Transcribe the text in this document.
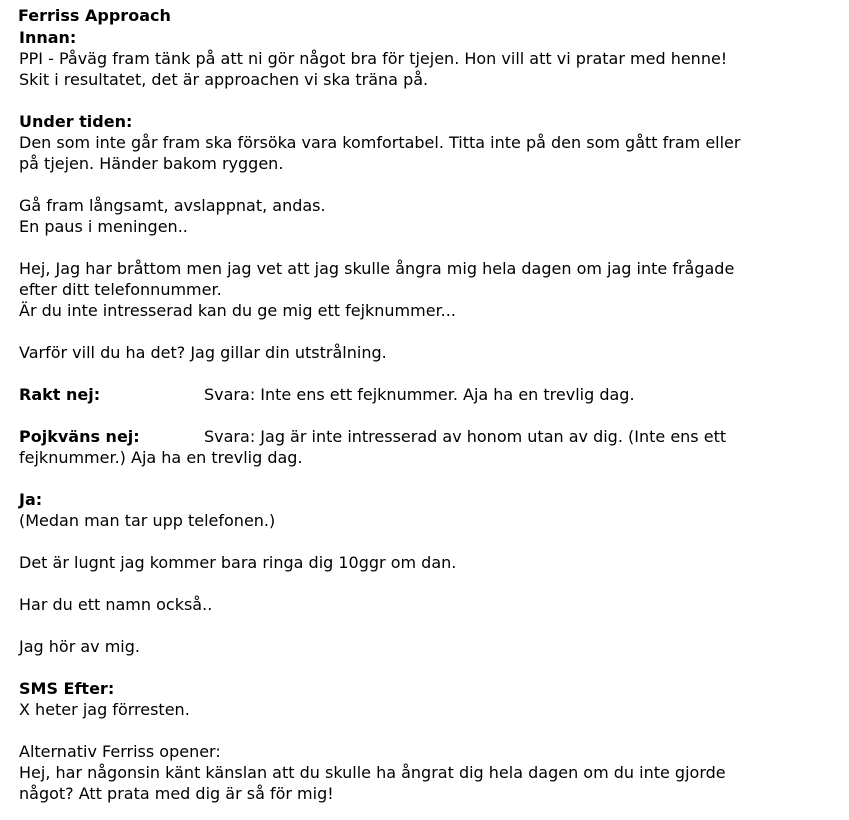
Ferriss Approach
Innan:
PPI - Påväg fram tänk på att ni gör något bra för tjejen. Hon vill att vi pratar med henne!
Skit i resultatet, det är approachen vi ska träna på.
Under tiden:
Den som inte går fram ska försöka vara komfortabel. Titta inte på den som gått fram eller
på tjejen. Händer bakom ryggen.
Gå fram långsamt, avslappnat, andas.
En paus i meningen..
Hej, Jag har bråttom men jag vet att jag skulle ångra mig hela dagen om jag inte frågade
efter ditt telefonnummer.
Är du inte intresserad kan du ge mig ett fejknummer...
Varför vill du ha det? Jag gillar din utstrålning.
Rakt nej:	Svara: Inte ens ett fejknummer. Aja ha en trevlig dag.
Pojkväns nej:	Svara: Jag är inte intresserad av honom utan av dig. (Inte ens ett
fejknummer.) Aja ha en trevlig dag.
Ja:
(Medan man tar upp telefonen.)
Det är lugnt jag kommer bara ringa dig 10ggr om dan.
Har du ett namn också..
Jag hör av mig.
SMS Efter:
X heter jag förresten.
Alternativ Ferriss opener:
Hej, har någonsin känt känslan att du skulle ha ångrat dig hela dagen om du inte gjorde
något? Att prata med dig är så för mig!
